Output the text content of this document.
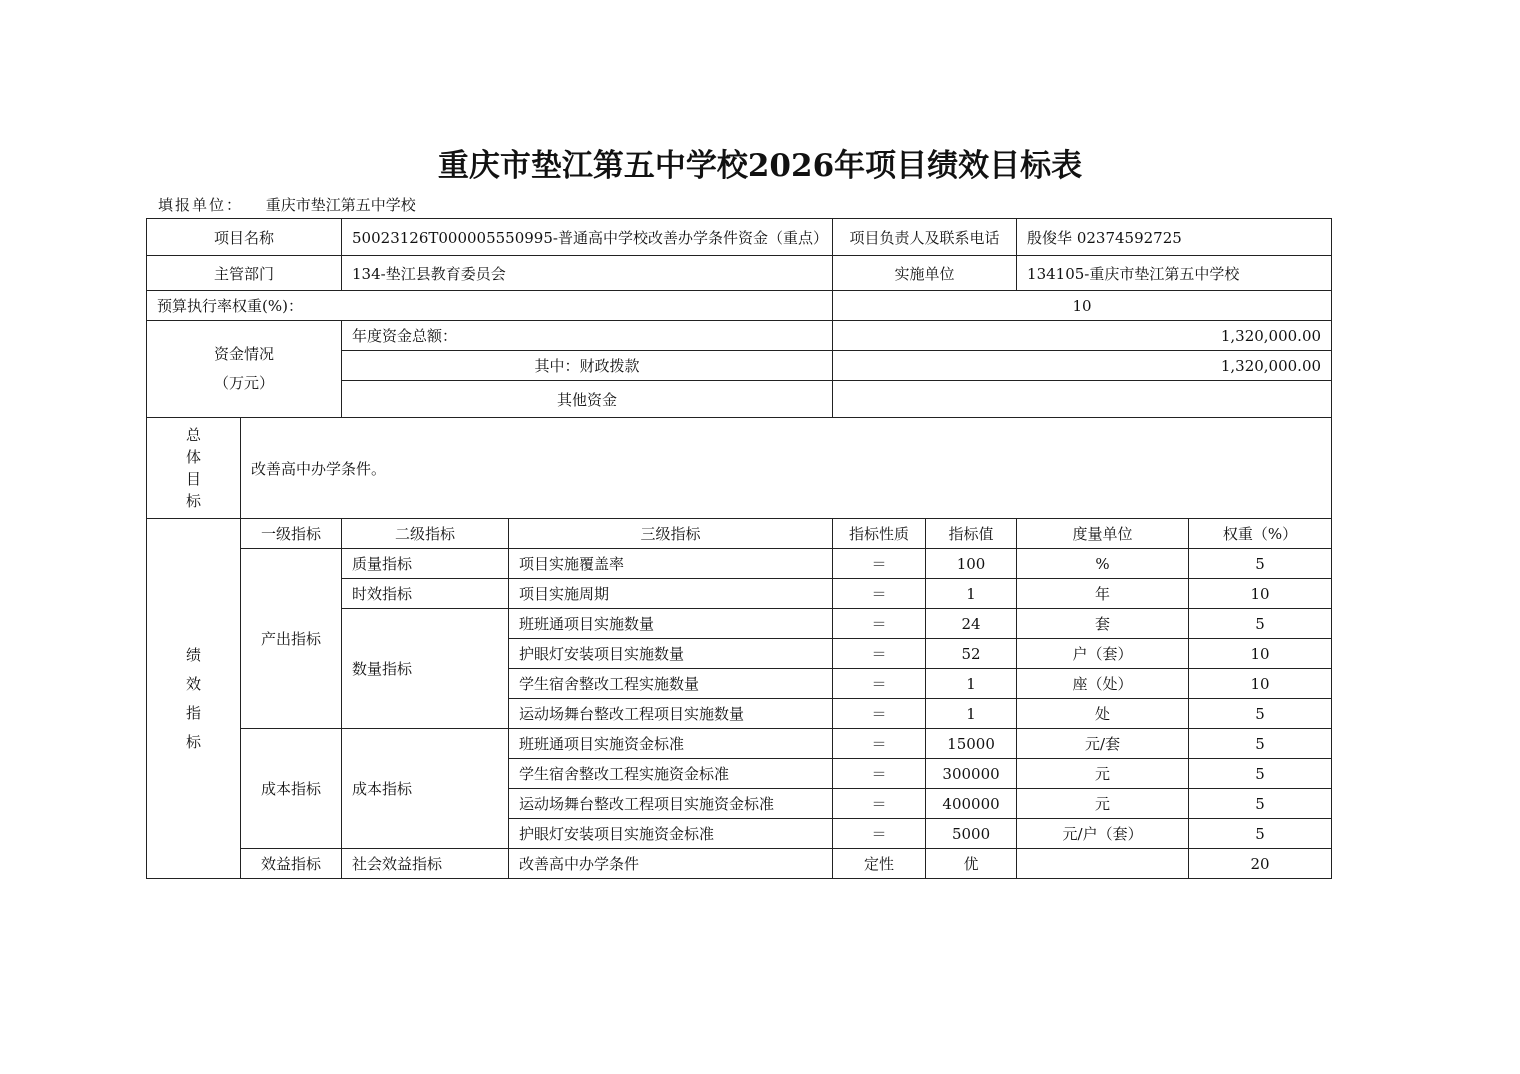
重庆市垫江第五中学校2026年项目绩效目标表
填报单位： 重庆市垫江第五中学校
项目名称		50023126T000005550995-普通高中学校改善办学条件资金（重点）		项目负责人及联系电话		殷俊华 02374592725	
主管部门		134-垫江县教育委员会		实施单位		134105-重庆市垫江第五中学校	
预算执行率权重(%)：				10			
资金情况
（万元）		年度资金总额：		1,320,000.00			
		其中：财政拨款		1,320,000.00			
		其他资金					
总
体
目
标	改善高中办学条件。						
绩
效
指
标	一级指标	二级指标	三级指标	指标性质	指标值	度量单位	权重（%）
	产出指标	质量指标	项目实施覆盖率	＝	100	%	5
		时效指标	项目实施周期	＝	1	年	10
		数量指标	班班通项目实施数量	＝	24	套	5
			护眼灯安装项目实施数量	＝	52	户（套）	10
			学生宿舍整改工程实施数量	＝	1	座（处）	10
			运动场舞台整改工程项目实施数量	＝	1	处	5
	成本指标	成本指标	班班通项目实施资金标准	＝	15000	元/套	5
			学生宿舍整改工程实施资金标准	＝	300000	元	5
			运动场舞台整改工程项目实施资金标准	＝	400000	元	5
			护眼灯安装项目实施资金标准	＝	5000	元/户（套）	5
	效益指标	社会效益指标	改善高中办学条件	定性	优		20
